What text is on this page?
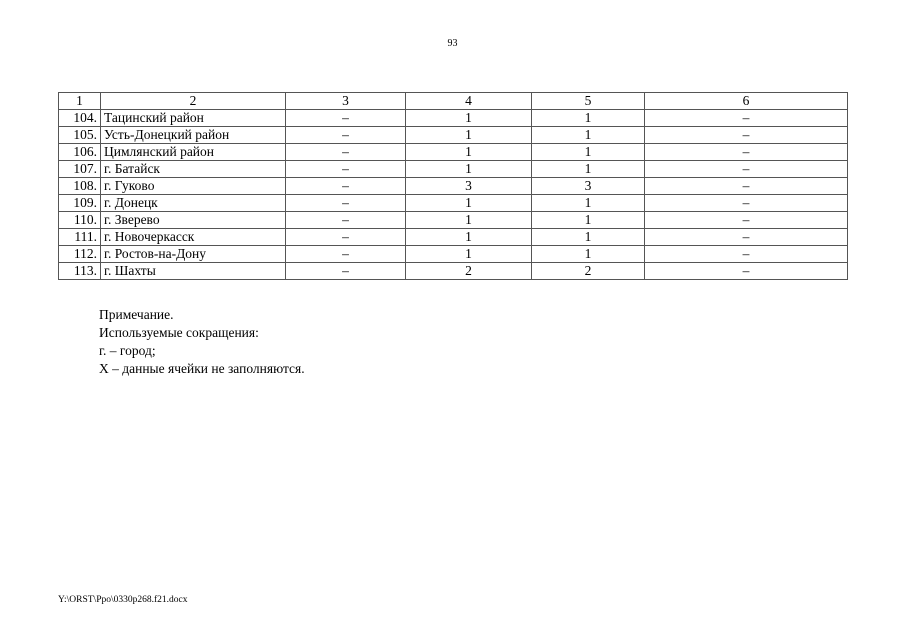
93
1	2	3	4	5	6
104.	Тацинский район	–	1	1	–
105.	Усть-Донецкий район	–	1	1	–
106.	Цимлянский район	–	1	1	–
107.	г. Батайск	–	1	1	–
108.	г. Гуково	–	3	3	–
109.	г. Донецк	–	1	1	–
110.	г. Зверево	–	1	1	–
111.	г. Новочеркасск	–	1	1	–
112.	г. Ростов-на-Дону	–	1	1	–
113.	г. Шахты	–	2	2	–
Примечание.
Используемые сокращения:
г. – город;
Х – данные ячейки не заполняются.
Y:\ORST\Ppo\0330p268.f21.docx
